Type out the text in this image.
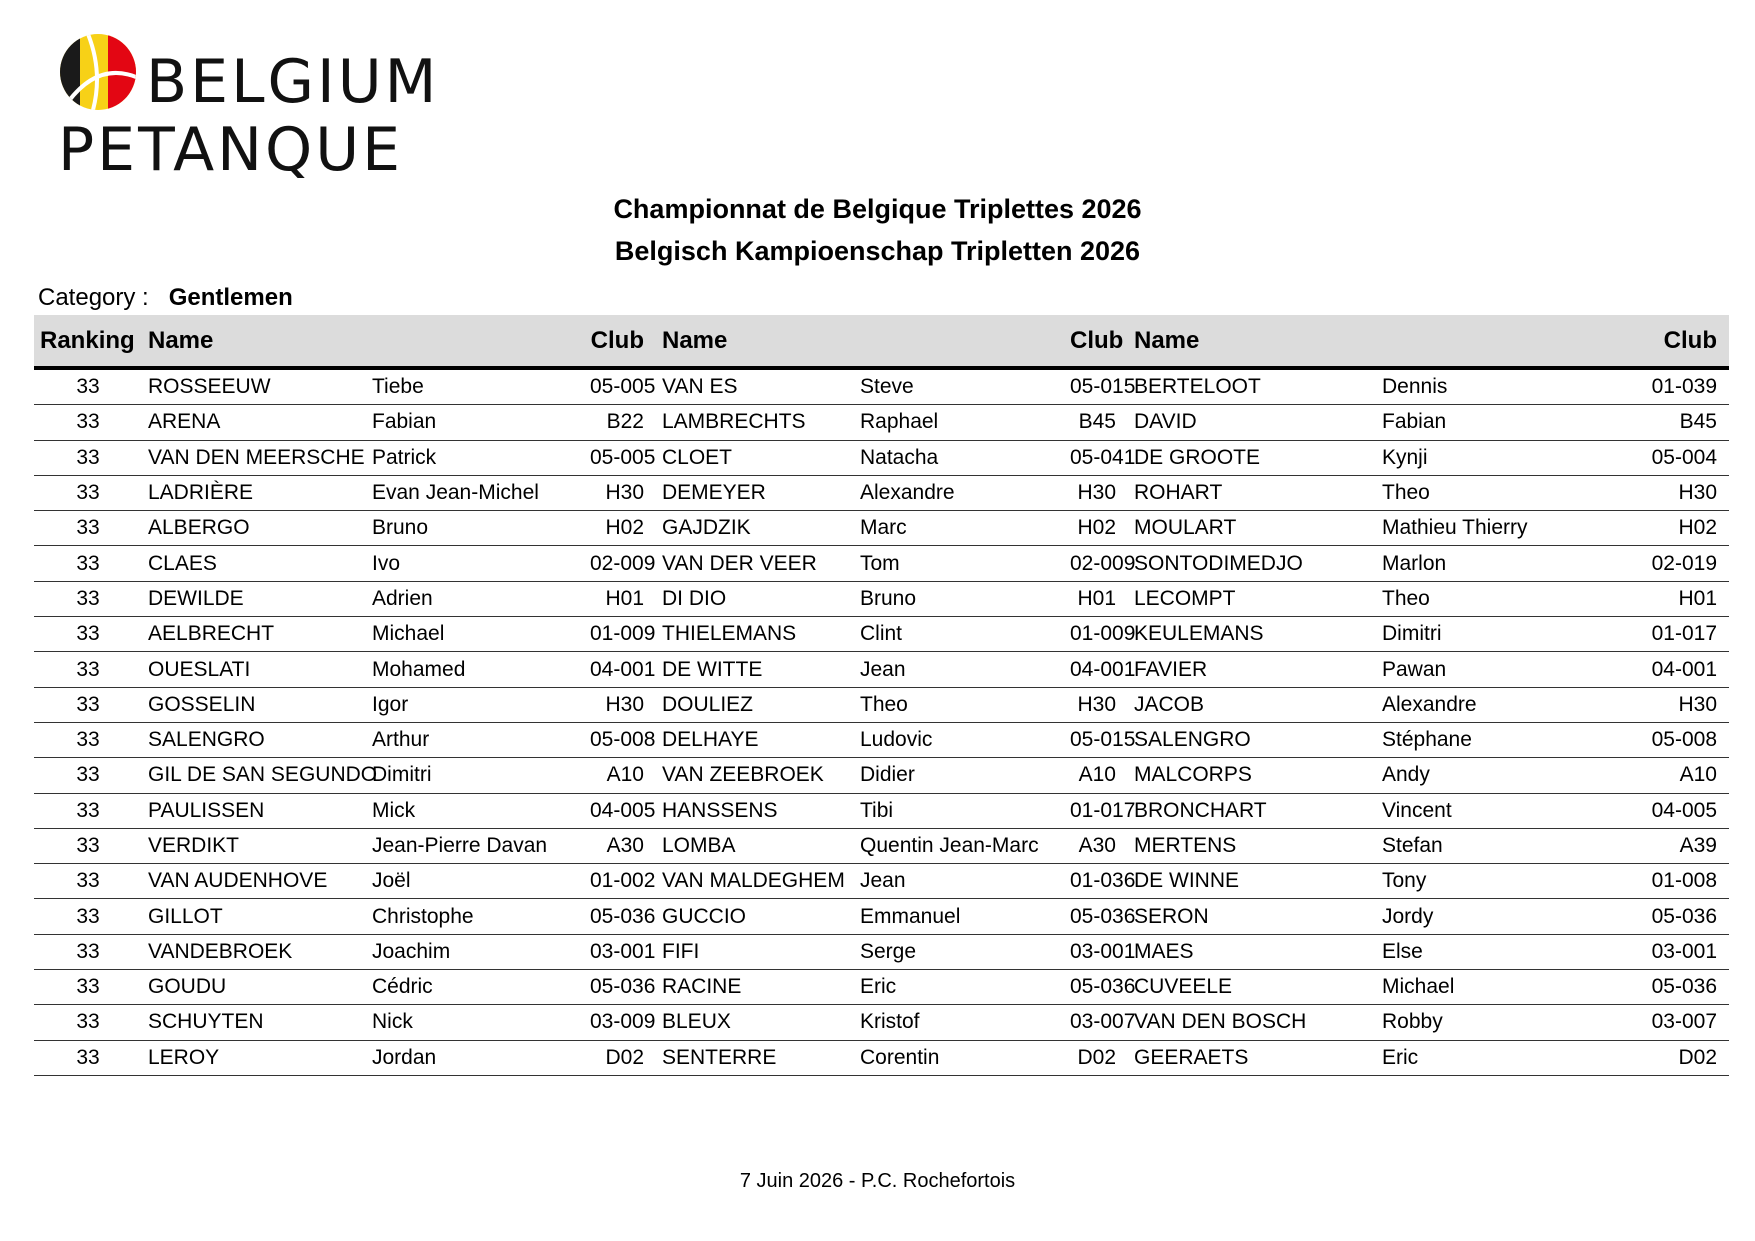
BELGIUM
PETANQUE
Championnat de Belgique Triplettes 2026
Belgisch Kampioenschap Tripletten 2026
Category : Gentlemen
Ranking	Name		Club	Name		Club	Name		Club
33	ROSSEEUW	Tiebe	05-005	VAN ES	Steve	05-015	BERTELOOT	Dennis	01-039
33	ARENA	Fabian	B22	LAMBRECHTS	Raphael	B45	DAVID	Fabian	B45
33	VAN DEN MEERSCHE	Patrick	05-005	CLOET	Natacha	05-041	DE GROOTE	Kynji	05-004
33	LADRIÈRE	Evan Jean-Michel	H30	DEMEYER	Alexandre	H30	ROHART	Theo	H30
33	ALBERGO	Bruno	H02	GAJDZIK	Marc	H02	MOULART	Mathieu Thierry	H02
33	CLAES	Ivo	02-009	VAN DER VEER	Tom	02-009	SONTODIMEDJO	Marlon	02-019
33	DEWILDE	Adrien	H01	DI DIO	Bruno	H01	LECOMPT	Theo	H01
33	AELBRECHT	Michael	01-009	THIELEMANS	Clint	01-009	KEULEMANS	Dimitri	01-017
33	OUESLATI	Mohamed	04-001	DE WITTE	Jean	04-001	FAVIER	Pawan	04-001
33	GOSSELIN	Igor	H30	DOULIEZ	Theo	H30	JACOB	Alexandre	H30
33	SALENGRO	Arthur	05-008	DELHAYE	Ludovic	05-015	SALENGRO	Stéphane	05-008
33	GIL DE SAN SEGUNDO	Dimitri	A10	VAN ZEEBROEK	Didier	A10	MALCORPS	Andy	A10
33	PAULISSEN	Mick	04-005	HANSSENS	Tibi	01-017	BRONCHART	Vincent	04-005
33	VERDIKT	Jean-Pierre Davan	A30	LOMBA	Quentin Jean-Marc	A30	MERTENS	Stefan	A39
33	VAN AUDENHOVE	Joël	01-002	VAN MALDEGHEM	Jean	01-036	DE WINNE	Tony	01-008
33	GILLOT	Christophe	05-036	GUCCIO	Emmanuel	05-036	SERON	Jordy	05-036
33	VANDEBROEK	Joachim	03-001	FIFI	Serge	03-001	MAES	Else	03-001
33	GOUDU	Cédric	05-036	RACINE	Eric	05-036	CUVEELE	Michael	05-036
33	SCHUYTEN	Nick	03-009	BLEUX	Kristof	03-007	VAN DEN BOSCH	Robby	03-007
33	LEROY	Jordan	D02	SENTERRE	Corentin	D02	GEERAETS	Eric	D02
7 Juin 2026 - P.C. Rochefortois
